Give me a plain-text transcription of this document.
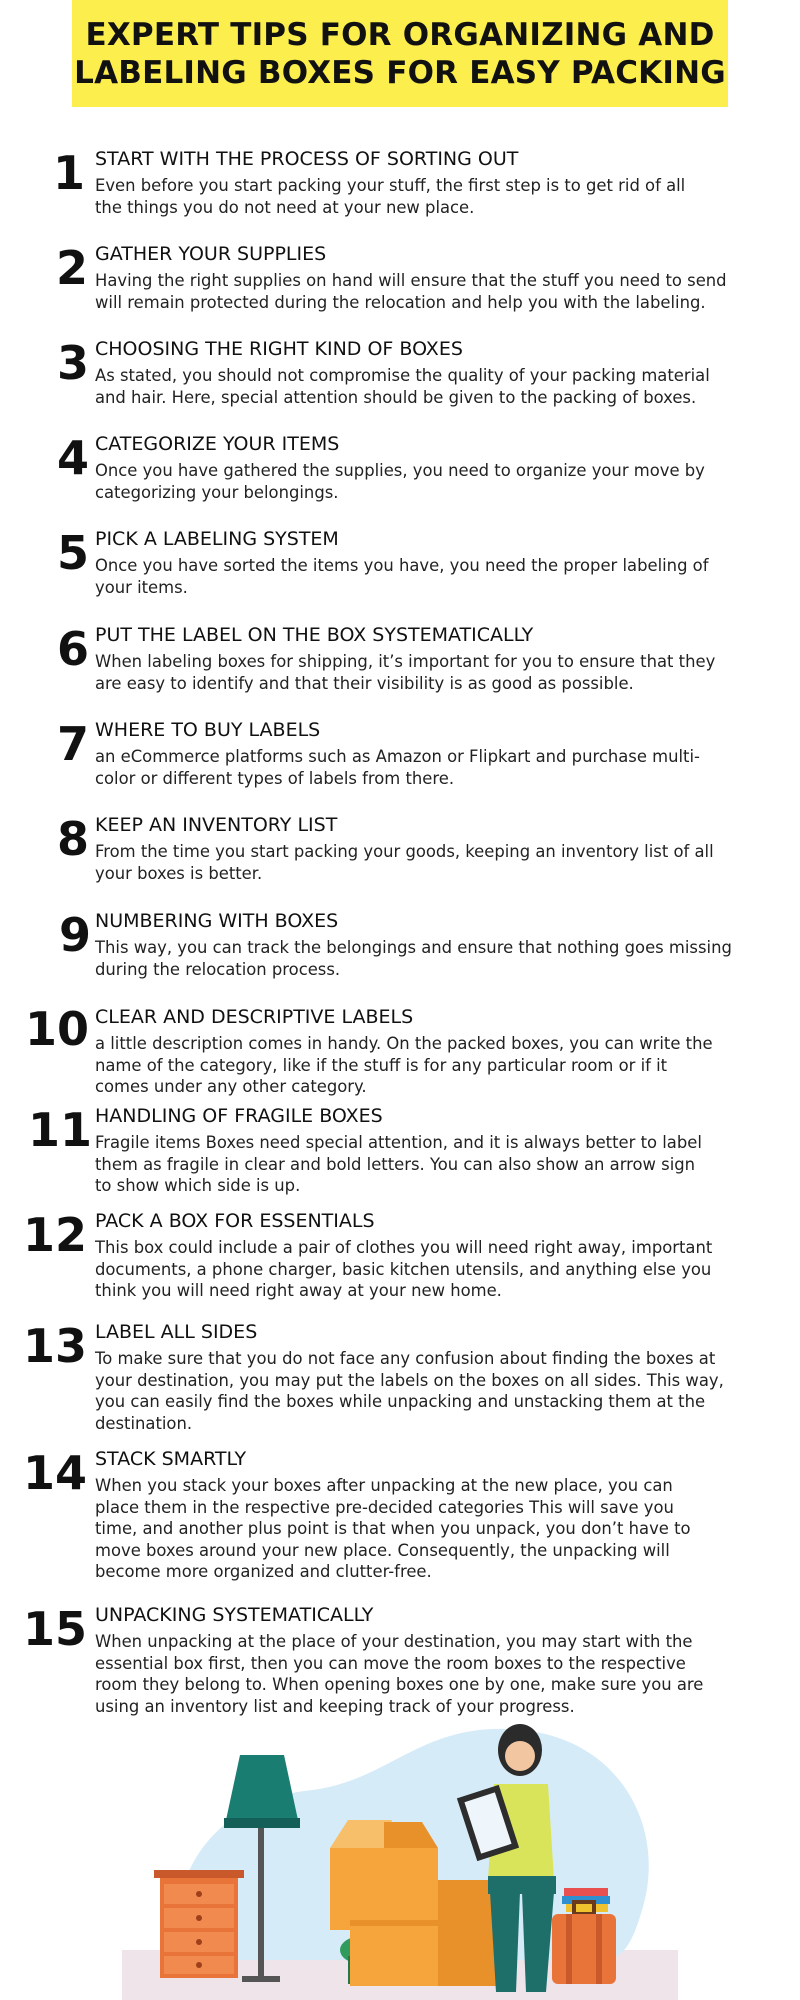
EXPERT TIPS FOR ORGANIZING AND
LABELING BOXES FOR EASY PACKING
1 START WITH THE PROCESS OF SORTING OUT

Even before you start packing your stuff, the first step is to get rid of all
the things you do not need at your new place.

2 GATHER YOUR SUPPLIES

Having the right supplies on hand will ensure that the stuff you need to send
will remain protected during the relocation and help you with the labeling.

3 CHOOSING THE RIGHT KIND OF BOXES

As stated, you should not compromise the quality of your packing material
and hair. Here, special attention should be given to the packing of boxes.

4 CATEGORIZE YOUR ITEMS

Once you have gathered the supplies, you need to organize your move by
categorizing your belongings.

5 PICK A LABELING SYSTEM

Once you have sorted the items you have, you need the proper labeling of
your items.

6 PUT THE LABEL ON THE BOX SYSTEMATICALLY

When labeling boxes for shipping, it’s important for you to ensure that they
are easy to identify and that their visibility is as good as possible.

7 WHERE TO BUY LABELS

an eCommerce platforms such as Amazon or Flipkart and purchase multi-
color or different types of labels from there.

8 KEEP AN INVENTORY LIST

From the time you start packing your goods, keeping an inventory list of all
your boxes is better.

9 NUMBERING WITH BOXES

This way, you can track the belongings and ensure that nothing goes missing
during the relocation process.

10 CLEAR AND DESCRIPTIVE LABELS

a little description comes in handy. On the packed boxes, you can write the
name of the category, like if the stuff is for any particular room or if it
comes under any other category.

11 HANDLING OF FRAGILE BOXES

Fragile items Boxes need special attention, and it is always better to label
them as fragile in clear and bold letters. You can also show an arrow sign
to show which side is up.

12 PACK A BOX FOR ESSENTIALS

This box could include a pair of clothes you will need right away, important
documents, a phone charger, basic kitchen utensils, and anything else you
think you will need right away at your new home.

13 LABEL ALL SIDES

To make sure that you do not face any confusion about finding the boxes at
your destination, you may put the labels on the boxes on all sides. This way,
you can easily find the boxes while unpacking and unstacking them at the
destination.

14 STACK SMARTLY

When you stack your boxes after unpacking at the new place, you can
place them in the respective pre-decided categories This will save you
time, and another plus point is that when you unpack, you don’t have to
move boxes around your new place. Consequently, the unpacking will
become more organized and clutter-free.

15 UNPACKING SYSTEMATICALLY

When unpacking at the place of your destination, you may start with the
essential box first, then you can move the room boxes to the respective
room they belong to. When opening boxes one by one, make sure you are
using an inventory list and keeping track of your progress.
